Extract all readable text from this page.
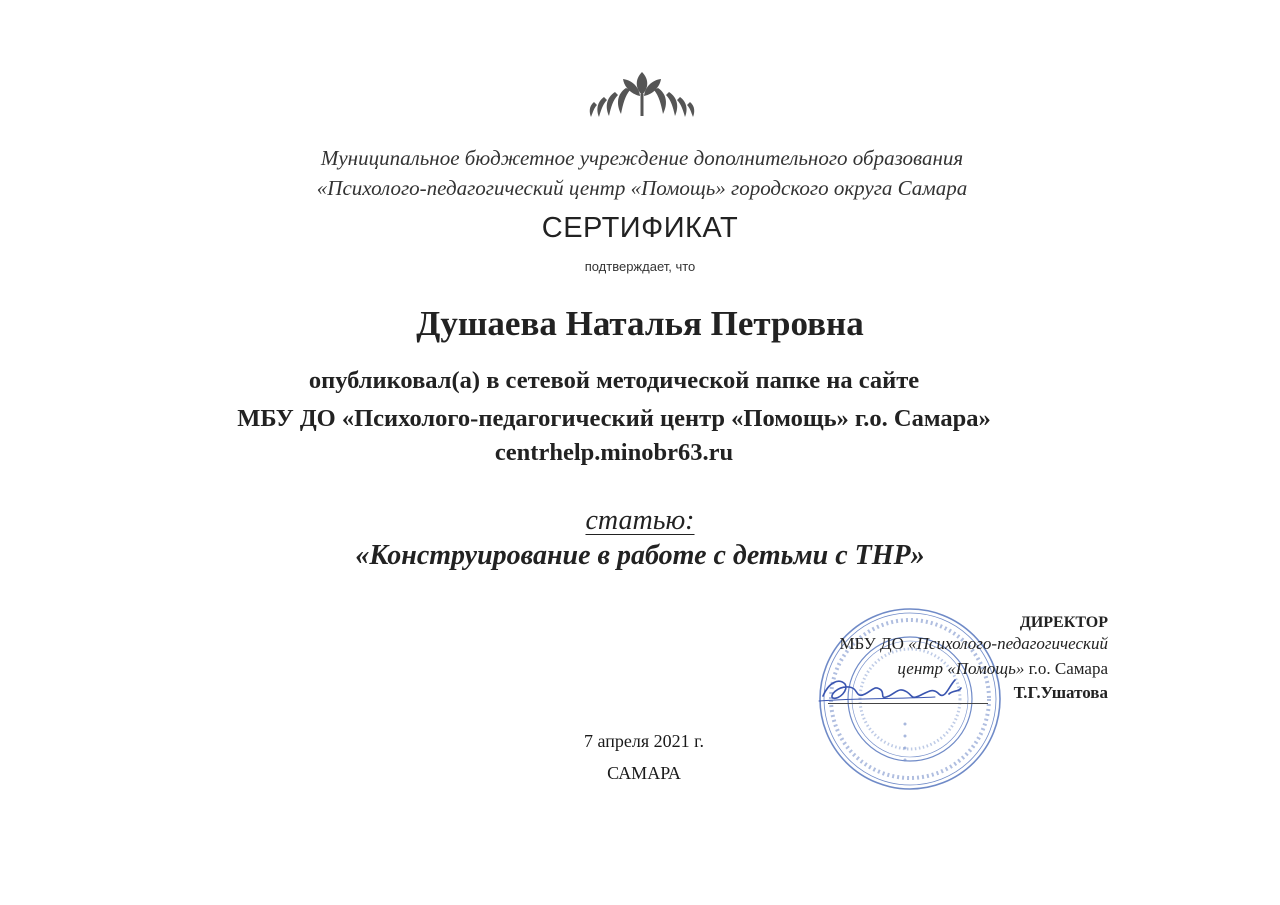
Муниципальное бюджетное учреждение дополнительного образования
«Психолого-педагогический центр «Помощь» городского округа Самара
СЕРТИФИКАТ
подтверждает, что
Душаева Наталья Петровна
опубликовал(а) в сетевой методической папке на сайте
МБУ ДО «Психолого-педагогический центр «Помощь» г.о. Самара»
centrhelp.minobr63.ru
статью:
«Конструирование в работе с детьми с ТНР»
ДИРЕКТОР
МБУ ДО «Психолого-педагогический
центр «Помощь» г.о. Самара
Т.Г.Ушатова
7 апреля 2021 г.
САМАРА
